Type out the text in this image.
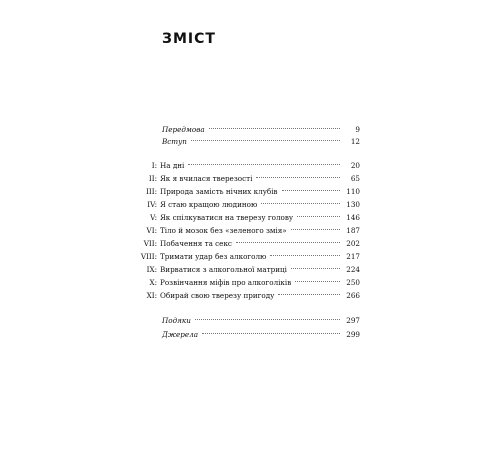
ЗМІСТ
Передмова	9
Вступ	12
I: На дні	20
II: Як я вчилася тверезості	65
III: Природа замість нічних клубів	110
IV: Я стаю кращою людиною	130
V: Як спілкуватися на тверезу голову	146
VI: Тіло й мозок без «зеленого змія»	187
VII: Побачення та секс	202
VIII: Тримати удар без алкоголю	217
IX: Вирватися з алкогольної матриці	224
X: Розвінчання міфів про алкоголіків	250
XI: Обирай свою тверезу пригоду	266
Подяки	297
Джерела	299
